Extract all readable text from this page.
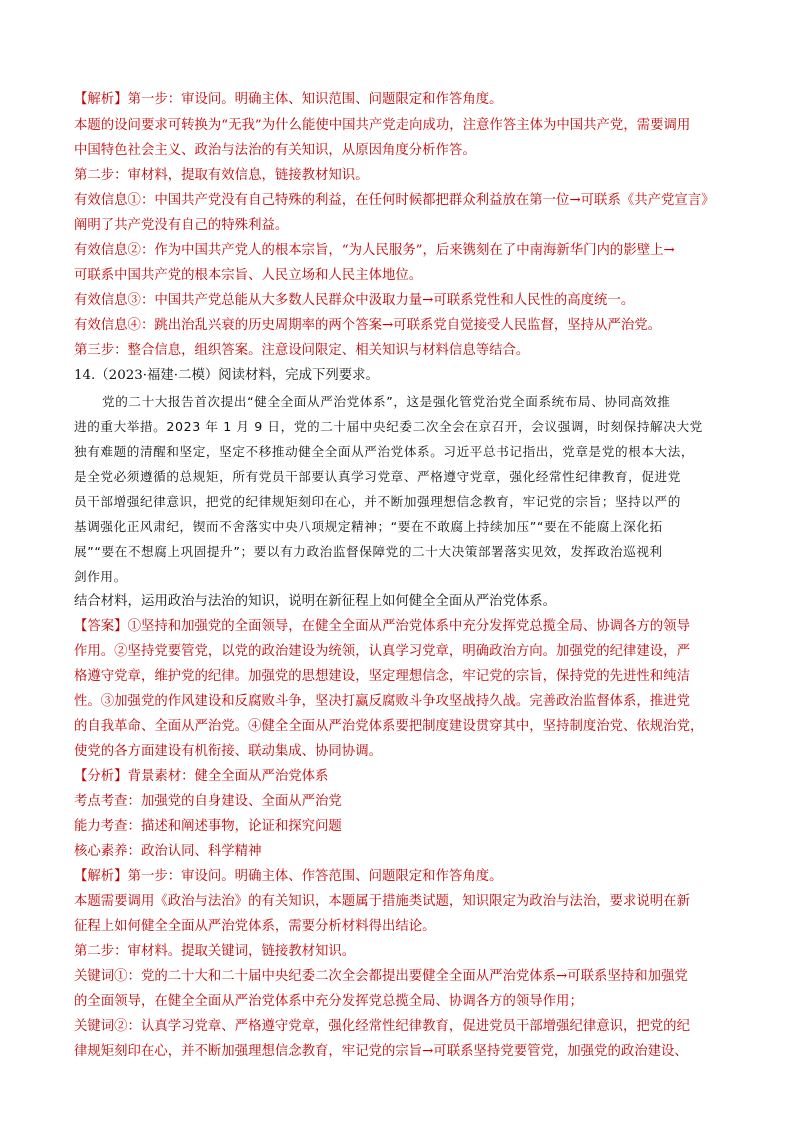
【解析】第一步：审设问。明确主体、知识范围、问题限定和作答角度。
本题的设问要求可转换为“无我”为什么能使中国共产党走向成功，注意作答主体为中国共产党，需要调用
中国特色社会主义、政治与法治的有关知识，从原因角度分析作答。
第二步：审材料，提取有效信息，链接教材知识。
有效信息①：中国共产党没有自己特殊的利益，在任何时候都把群众利益放在第一位→可联系《共产党宣言》
阐明了共产党没有自己的特殊利益。
有效信息②：作为中国共产党人的根本宗旨，“为人民服务”，后来镌刻在了中南海新华门内的影壁上→
可联系中国共产党的根本宗旨、人民立场和人民主体地位。
有效信息③：中国共产党总能从大多数人民群众中汲取力量→可联系党性和人民性的高度统一。
有效信息④：跳出治乱兴衰的历史周期率的两个答案→可联系党自觉接受人民监督，坚持从严治党。
第三步：整合信息，组织答案。注意设问限定、相关知识与材料信息等结合。
14.（2023·福建·二模）阅读材料，完成下列要求。
党的二十大报告首次提出“健全全面从严治党体系”，这是强化管党治党全面系统布局、协同高效推
进的重大举措。2023 年 1 月 9 日，党的二十届中央纪委二次全会在京召开，会议强调，时刻保持解决大党
独有难题的清醒和坚定，坚定不移推动健全全面从严治党体系。习近平总书记指出，党章是党的根本大法，
是全党必须遵循的总规矩，所有党员干部要认真学习党章、严格遵守党章，强化经常性纪律教育，促进党
员干部增强纪律意识，把党的纪律规矩刻印在心，并不断加强理想信念教育，牢记党的宗旨；坚持以严的
基调强化正风肃纪，锲而不舍落实中央八项规定精神；“要在不敢腐上持续加压”“要在不能腐上深化拓
展”“要在不想腐上巩固提升”；要以有力政治监督保障党的二十大决策部署落实见效，发挥政治巡视利
剑作用。
结合材料，运用政治与法治的知识，说明在新征程上如何健全全面从严治党体系。
【答案】①坚持和加强党的全面领导，在健全全面从严治党体系中充分发挥党总揽全局、协调各方的领导
作用。②坚持党要管党，以党的政治建设为统领，认真学习党章，明确政治方向。加强党的纪律建设，严
格遵守党章，维护党的纪律。加强党的思想建设，坚定理想信念，牢记党的宗旨，保持党的先进性和纯洁
性。③加强党的作风建设和反腐败斗争，坚决打赢反腐败斗争攻坚战持久战。完善政治监督体系，推进党
的自我革命、全面从严治党。④健全全面从严治党体系要把制度建设贯穿其中，坚持制度治党、依规治党，
使党的各方面建设有机衔接、联动集成、协同协调。
【分析】背景素材：健全全面从严治党体系
考点考查：加强党的自身建设、全面从严治党
能力考查：描述和阐述事物，论证和探究问题
核心素养：政治认同、科学精神
【解析】第一步：审设问。明确主体、作答范围、问题限定和作答角度。
本题需要调用《政治与法治》的有关知识，本题属于措施类试题，知识限定为政治与法治，要求说明在新
征程上如何健全全面从严治党体系，需要分析材料得出结论。
第二步：审材料。提取关键词，链接教材知识。
关键词①：党的二十大和二十届中央纪委二次全会都提出要健全全面从严治党体系→可联系坚持和加强党
的全面领导，在健全全面从严治党体系中充分发挥党总揽全局、协调各方的领导作用；
关键词②：认真学习党章、严格遵守党章，强化经常性纪律教育，促进党员干部增强纪律意识，把党的纪
律规矩刻印在心，并不断加强理想信念教育，牢记党的宗旨→可联系坚持党要管党，加强党的政治建设、
